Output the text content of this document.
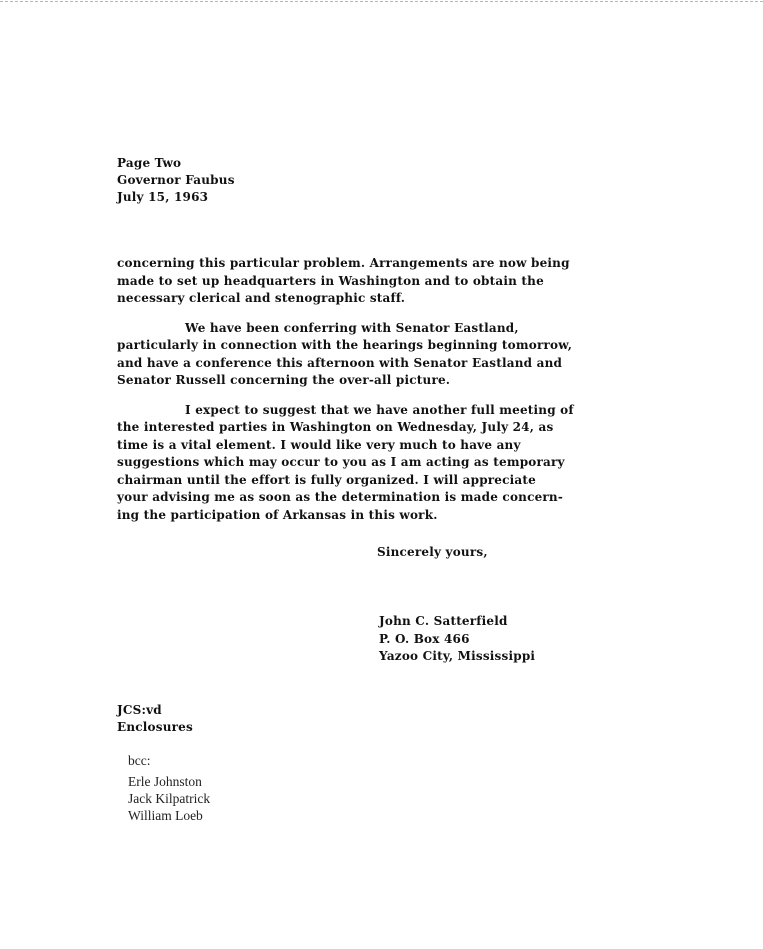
Page Two
Governor Faubus
July 15, 1963
concerning this particular problem. Arrangements are now being
made to set up headquarters in Washington and to obtain the
necessary clerical and stenographic staff.
We have been conferring with Senator Eastland,
particularly in connection with the hearings beginning tomorrow,
and have a conference this afternoon with Senator Eastland and
Senator Russell concerning the over-all picture.
I expect to suggest that we have another full meeting of
the interested parties in Washington on Wednesday, July 24, as
time is a vital element. I would like very much to have any
suggestions which may occur to you as I am acting as temporary
chairman until the effort is fully organized. I will appreciate
your advising me as soon as the determination is made concern-
ing the participation of Arkansas in this work.
Sincerely yours,
John C. Satterfield
P. O. Box 466
Yazoo City, Mississippi
JCS:vd
Enclosures
bcc:
Erle Johnston
Jack Kilpatrick
William Loeb
